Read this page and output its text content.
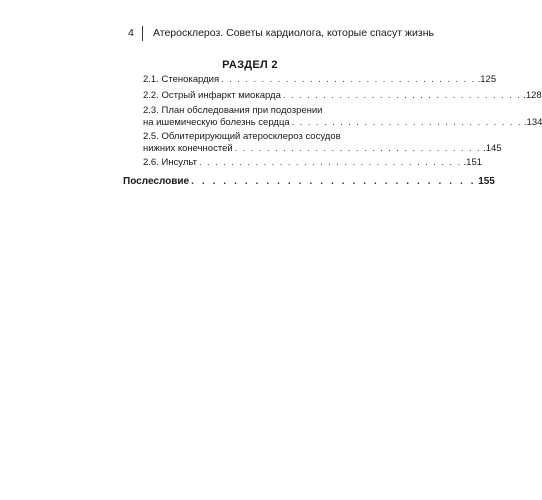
4 Атеросклероз. Советы кардиолога, которые спасут жизнь
РАЗДЕЛ 2
2.1. Стенокардия . . . . . . . . . . . . . . . . . . . . . . . . . . . . . . . . .125
2.2. Острый инфаркт миокарда . . . . . . . . . . . . . . . . . . . . . . . . . . . . . . .128
2.3. План обследования при подозрении
на ишемическую болезнь сердца . . . . . . . . . . . . . . . . . . . . . . . . . . . . . .134
2.5. Облитерирующий атеросклероз сосудов
нижних конечностей . . . . . . . . . . . . . . . . . . . . . . . . . . . . . . . .145
2.6. Инсульт . . . . . . . . . . . . . . . . . . . . . . . . . . . . . . . . . .151
Послесловие . . . . . . . . . . . . . . . . . . . . . . . . . . . 155
